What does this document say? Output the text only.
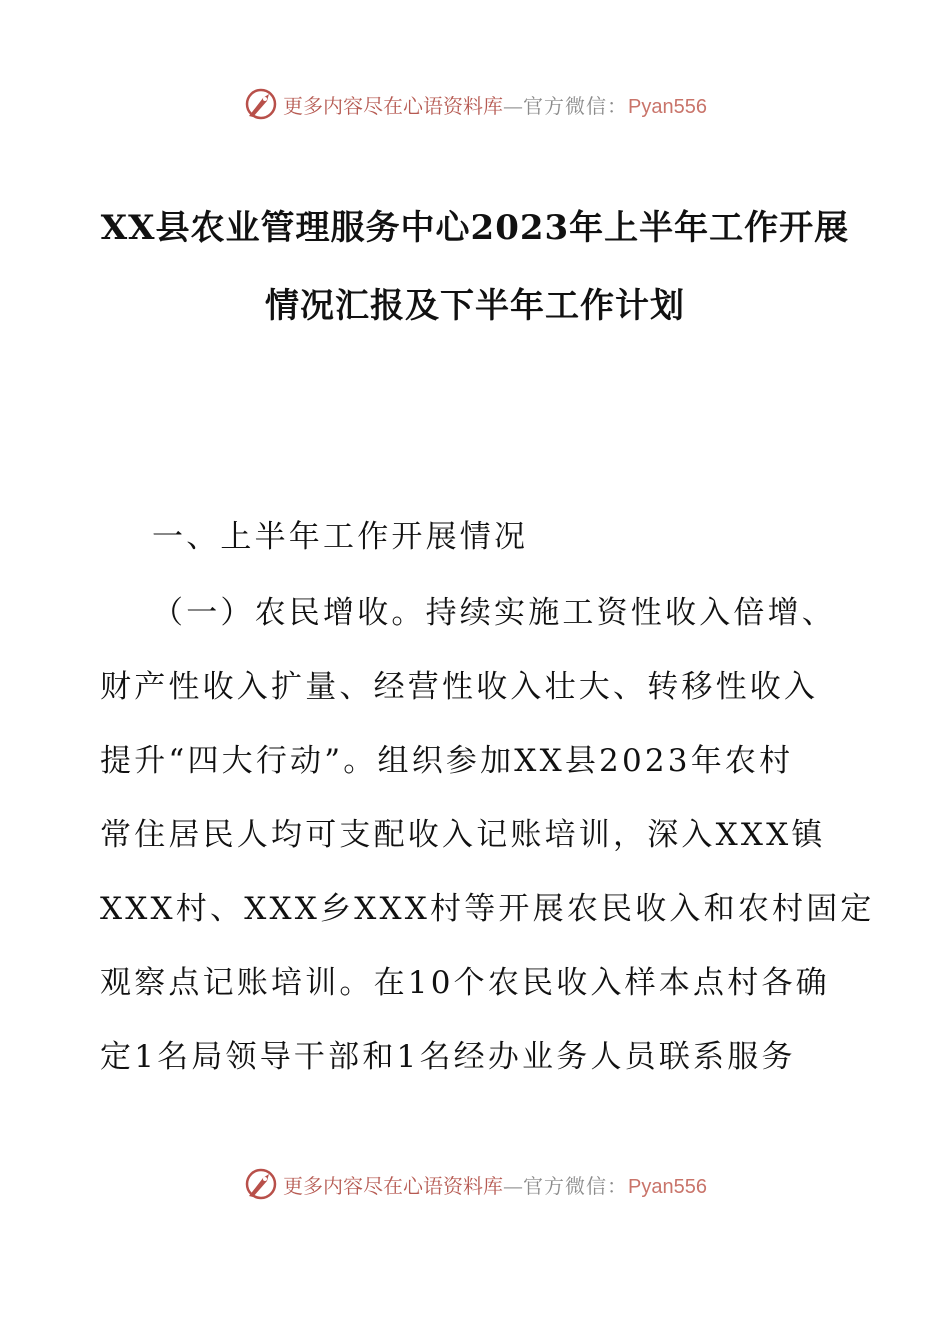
更多内容尽在心语资料库—官方微信：Pyan556
XX县农业管理服务中心2023年上半年工作开展
情况汇报及下半年工作计划
一、上半年工作开展情况
（一）农民增收。持续实施工资性收入倍增、
财产性收入扩量、经营性收入壮大、转移性收入
提升“四大行动”。组织参加XX县2023年农村
常住居民人均可支配收入记账培训，深入XXX镇
XXX村、XXX乡XXX村等开展农民收入和农村固定
观察点记账培训。在10个农民收入样本点村各确
定1名局领导干部和1名经办业务人员联系服务
更多内容尽在心语资料库—官方微信：Pyan556
